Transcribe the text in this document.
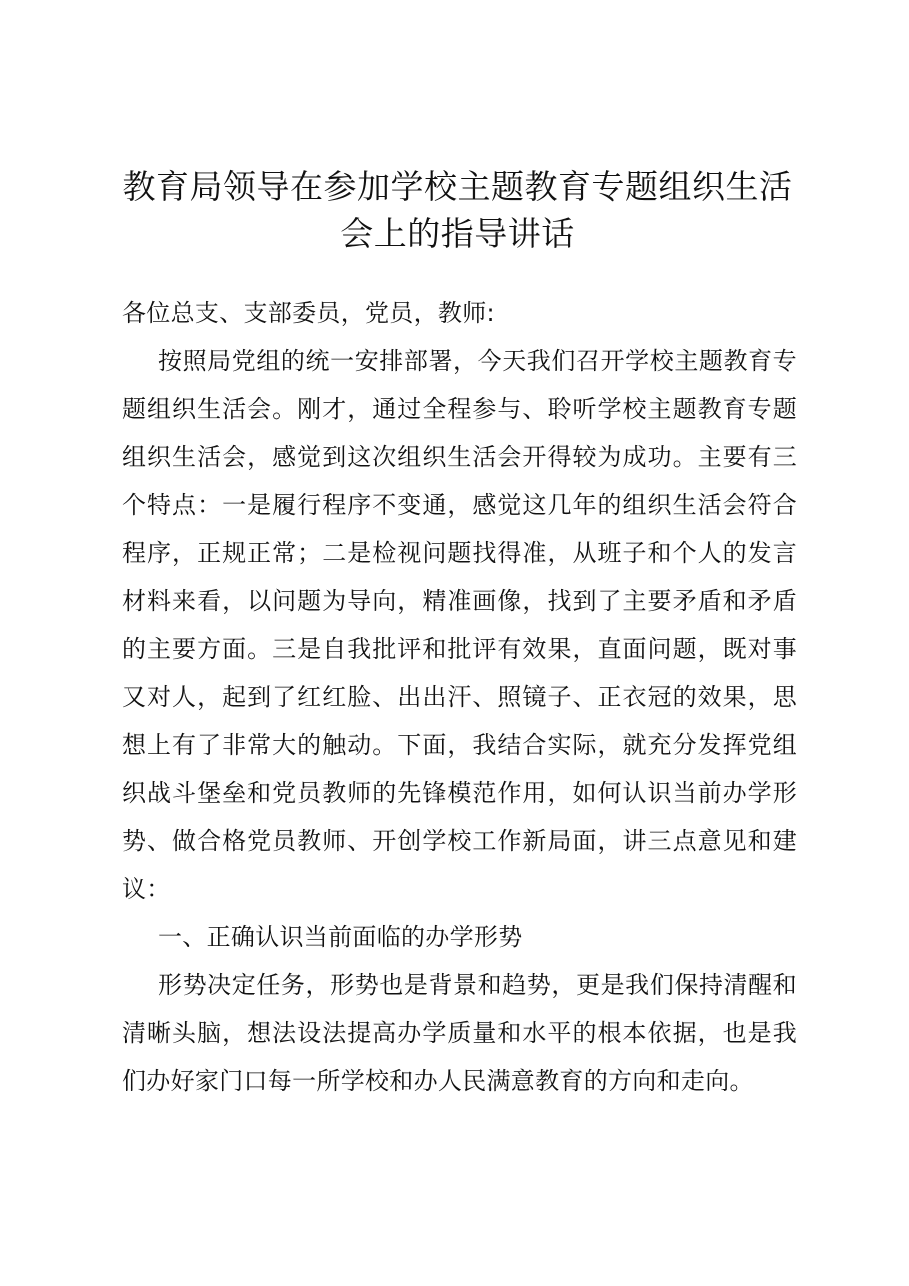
教育局领导在参加学校主题教育专题组织生活会上的指导讲话

各位总支、支部委员，党员，教师:

按照局党组的统一安排部署，今天我们召开学校主题教育专题组织生活会。刚才，通过全程参与、聆听学校主题教育专题组织生活会，感觉到这次组织生活会开得较为成功。主要有三个特点：一是履行程序不变通，感觉这几年的组织生活会符合程序，正规正常；二是检视问题找得准，从班子和个人的发言材料来看，以问题为导向，精准画像，找到了主要矛盾和矛盾的主要方面。三是自我批评和批评有效果，直面问题，既对事又对人，起到了红红脸、出出汗、照镜子、正衣冠的效果，思想上有了非常大的触动。下面，我结合实际，就充分发挥党组织战斗堡垒和党员教师的先锋模范作用，如何认识当前办学形势、做合格党员教师、开创学校工作新局面，讲三点意见和建议：

一、正确认识当前面临的办学形势

形势决定任务，形势也是背景和趋势，更是我们保持清醒和清晰头脑，想法设法提高办学质量和水平的根本依据，也是我们办好家门口每一所学校和办人民满意教育的方向和走向。
